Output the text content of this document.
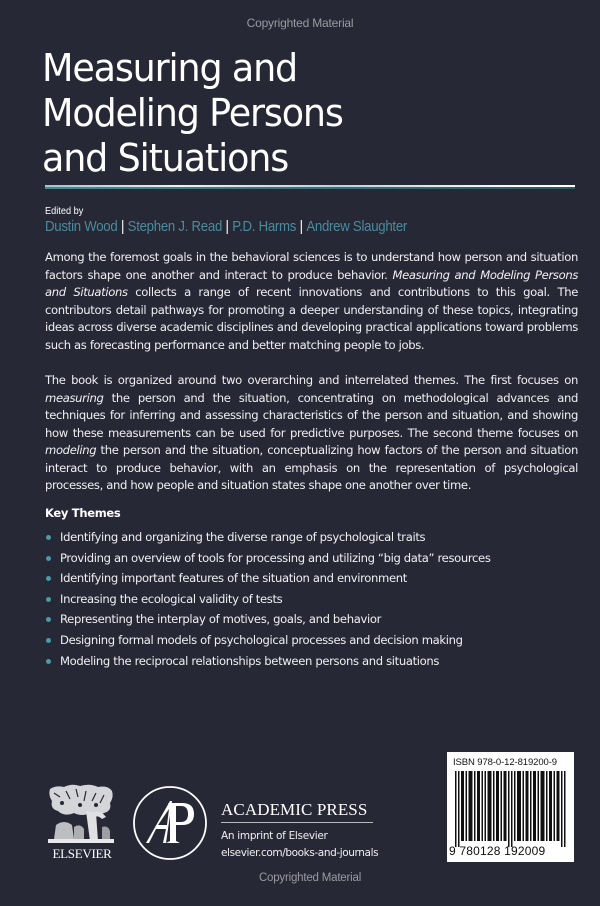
Copyrighted Material
Measuring and
Modeling Persons
and Situations
Edited by
Dustin Wood | Stephen J. Read | P.D. Harms | Andrew Slaughter

Among the foremost goals in the behavioral sciences is to understand how person and situation factors shape one another and interact to produce behavior. Measuring and Modeling Persons and Situations collects a range of recent innovations and contributions to this goal. The contributors detail pathways for promoting a deeper understanding of these topics, integrating ideas across diverse academic disciplines and developing practical applications toward problems such as forecasting performance and better matching people to jobs.

The book is organized around two overarching and interrelated themes. The first focuses on measuring the person and the situation, concentrating on methodological advances and techniques for inferring and assessing characteristics of the person and situation, and showing how these measurements can be used for predictive purposes. The second theme focuses on modeling the person and the situation, conceptualizing how factors of the person and situation interact to produce behavior, with an emphasis on the representation of psychological processes, and how people and situation states shape one another over time.

Key Themes
Identifying and organizing the diverse range of psychological traits
Providing an overview of tools for processing and utilizing “big data” resources
Identifying important features of the situation and environment
Increasing the ecological validity of tests
Representing the interplay of motives, goals, and behavior
Designing formal models of psychological processes and decision making
Modeling the reciprocal relationships between persons and situations
ELSEVIER
ACADEMIC PRESS
An imprint of Elsevier
elsevier.com/books-and-journals
Copyrighted Material
ISBN 978-0-12-819200-9
9 780128 192009
